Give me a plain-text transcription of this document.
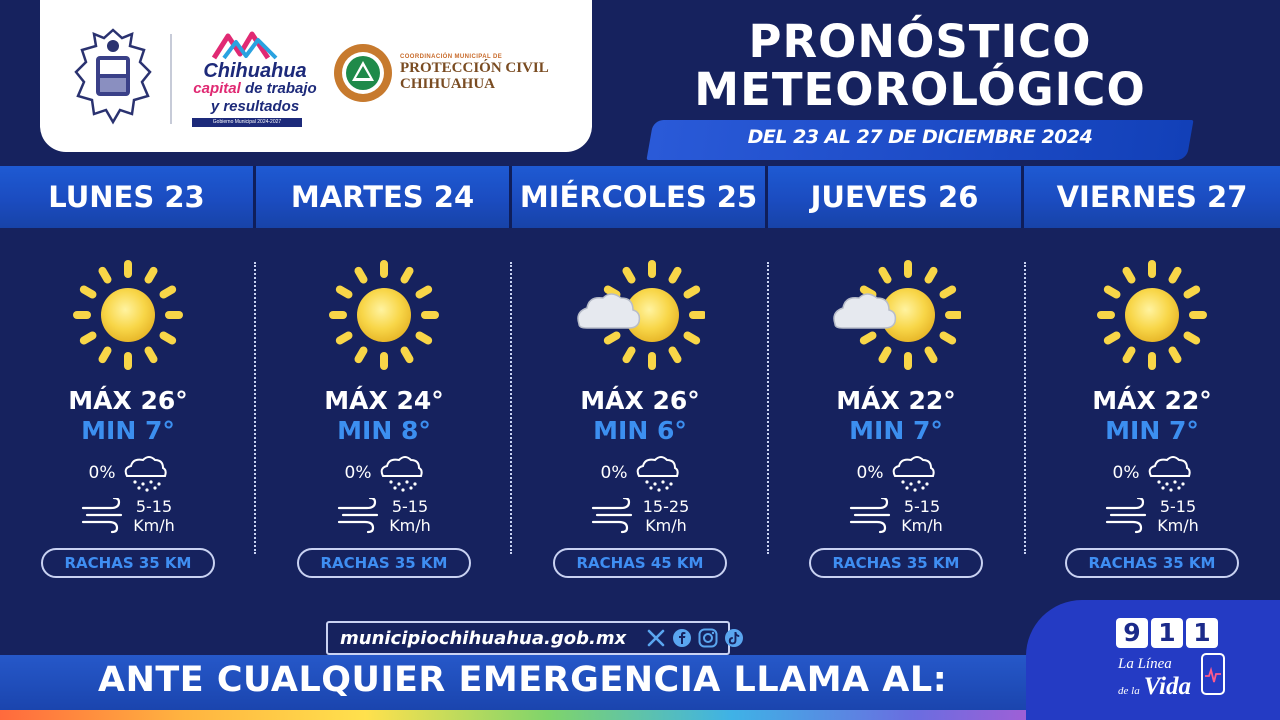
Chihuahua
capital de trabajo
y resultados
Gobierno Municipal 2024-2027
COORDINACIÓN MUNICIPAL DE
PROTECCIÓN CIVIL
CHIHUAHUA
PRONÓSTICO
METEOROLÓGICO
DEL 23 AL 27 DE DICIEMBRE 2024
LUNES 23	MARTES 24	MIÉRCOLES 25	JUEVES 26	VIERNES 27
MÁX 26°
MIN 7°
0%
5-15
Km/h
RACHAS 35 KM
MÁX 24°
MIN 8°
0%
5-15
Km/h
RACHAS 35 KM
MÁX 26°
MIN 6°
0%
15-25
Km/h
RACHAS 45 KM
MÁX 22°
MIN 7°
0%
5-15
Km/h
RACHAS 35 KM
MÁX 22°
MIN 7°
0%
5-15
Km/h
RACHAS 35 KM
municipiochihuahua.gob.mx
ANTE CUALQUIER EMERGENCIA LLAMA AL:
9 1 1
La Línea
de la Vida
